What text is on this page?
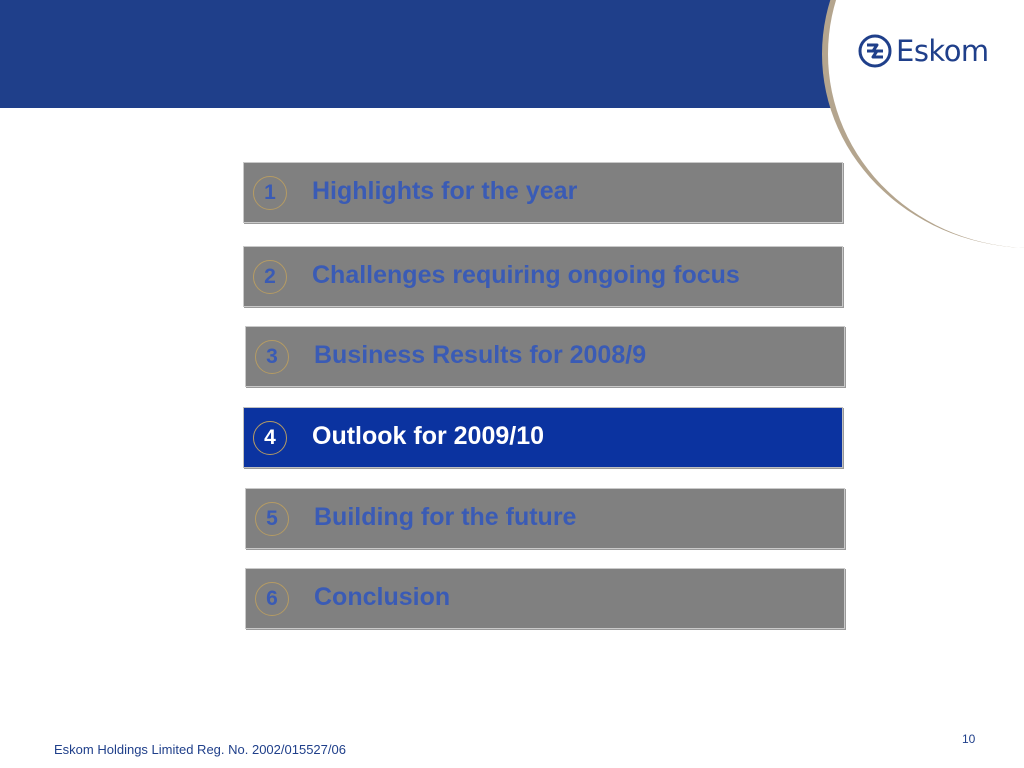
Eskom
1	Highlights for the year
2	Challenges requiring ongoing focus
3	Business Results for 2008/9
4	Outlook for 2009/10
5	Building for the future
6	Conclusion
Eskom Holdings Limited Reg. No. 2002/015527/06
10
